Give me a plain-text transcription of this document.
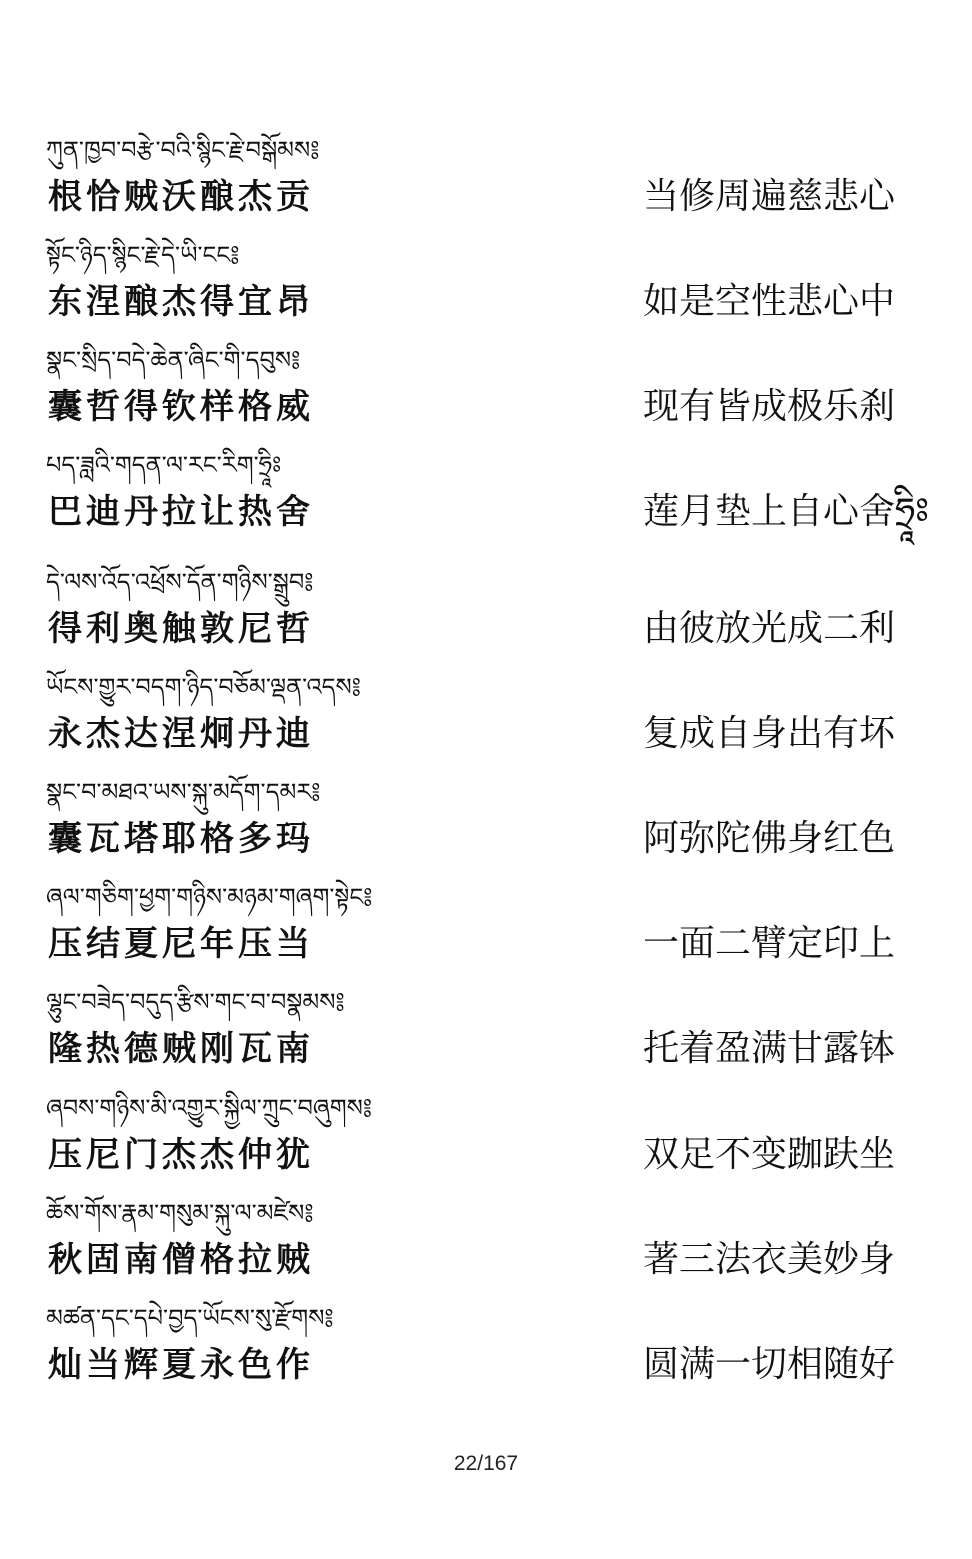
ཀུན་ཁྱབ་བརྩེ་བའི་སྙིང་རྗེ་བསྒོམས༔
根恰贼沃酿杰贡	当修周遍慈悲心
སྟོང་ཉིད་སྙིང་རྗེ་དེ་ཡི་ངང༔
东涅酿杰得宜昂	如是空性悲心中
སྣང་སྲིད་བདེ་ཆེན་ཞིང་གི་དབུས༔
囊哲得钦样格威	现有皆成极乐刹
པད་ཟླའི་གདན་ལ་རང་རིག་ཧྲཱིཿ
巴迪丹拉让热舍	莲月垫上自心舍ཧྲཱིཿ
དེ་ལས་འོད་འཕྲོས་དོན་གཉིས་སྒྲུབ༔
得利奥触敦尼哲	由彼放光成二利
ཡོངས་གྱུར་བདག་ཉིད་བཅོམ་ལྡན་འདས༔
永杰达涅炯丹迪	复成自身出有坏
སྣང་བ་མཐའ་ཡས་སྐུ་མདོག་དམར༔
囊瓦塔耶格多玛	阿弥陀佛身红色
ཞལ་གཅིག་ཕྱག་གཉིས་མཉམ་གཞག་སྟེང༔
压结夏尼年压当	一面二臂定印上
ལྷུང་བཟེད་བདུད་རྩིས་གང་བ་བསྣམས༔
隆热德贼刚瓦南	托着盈满甘露钵
ཞབས་གཉིས་མི་འགྱུར་སྐྱིལ་ཀྲུང་བཞུགས༔
压尼门杰杰仲犹	双足不变跏趺坐
ཆོས་གོས་རྣམ་གསུམ་སྐུ་ལ་མཛེས༔
秋固南僧格拉贼	著三法衣美妙身
མཚན་དང་དཔེ་བྱད་ཡོངས་སུ་རྫོགས༔
灿当辉夏永色作	圆满一切相随好
22/167
